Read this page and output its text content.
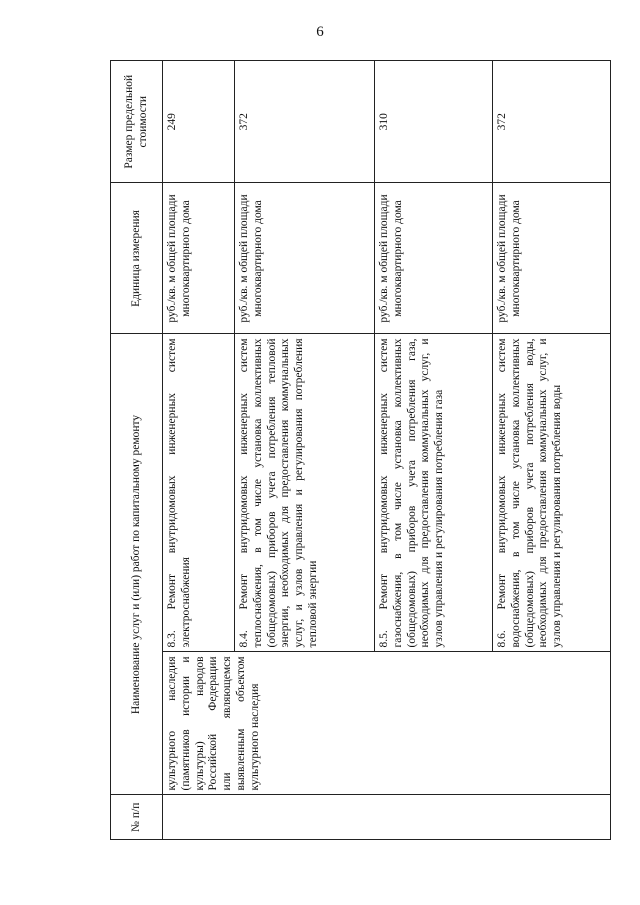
6
№ п/п	Наименование услуг и (или) работ по капитальному ремонту		Единица измерения	Размер предельной стоимости
	культурного наследия (памятников истории и культуры) народов Российской Федерации или являющемся выявленным объектом культурного наследия	8.3. Ремонт внутридомовых инженерных систем электроснабжения	руб./кв. м общей площади многоквартирного дома	249
		8.4. Ремонт внутридомовых инженерных систем теплоснабжения, в том числе установка коллективных (общедомовых) приборов учета потребления тепловой энергии, необходимых для предоставления коммунальных услуг, и узлов управления и регулирования потребления тепловой энергии	руб./кв. м общей площади многоквартирного дома	372
		8.5. Ремонт внутридомовых инженерных систем газоснабжения, в том числе установка коллективных (общедомовых) приборов учета потребления газа, необходимых для предоставления коммунальных услуг, и узлов управления и регулирования потребления газа	руб./кв. м общей площади многоквартирного дома	310
		8.6. Ремонт внутридомовых инженерных систем водоснабжения, в том числе установка коллективных (общедомовых) приборов учета потребления воды, необходимых для предоставления коммунальных услуг, и узлов управления и регулирования потребления воды	руб./кв. м общей площади многоквартирного дома	372
